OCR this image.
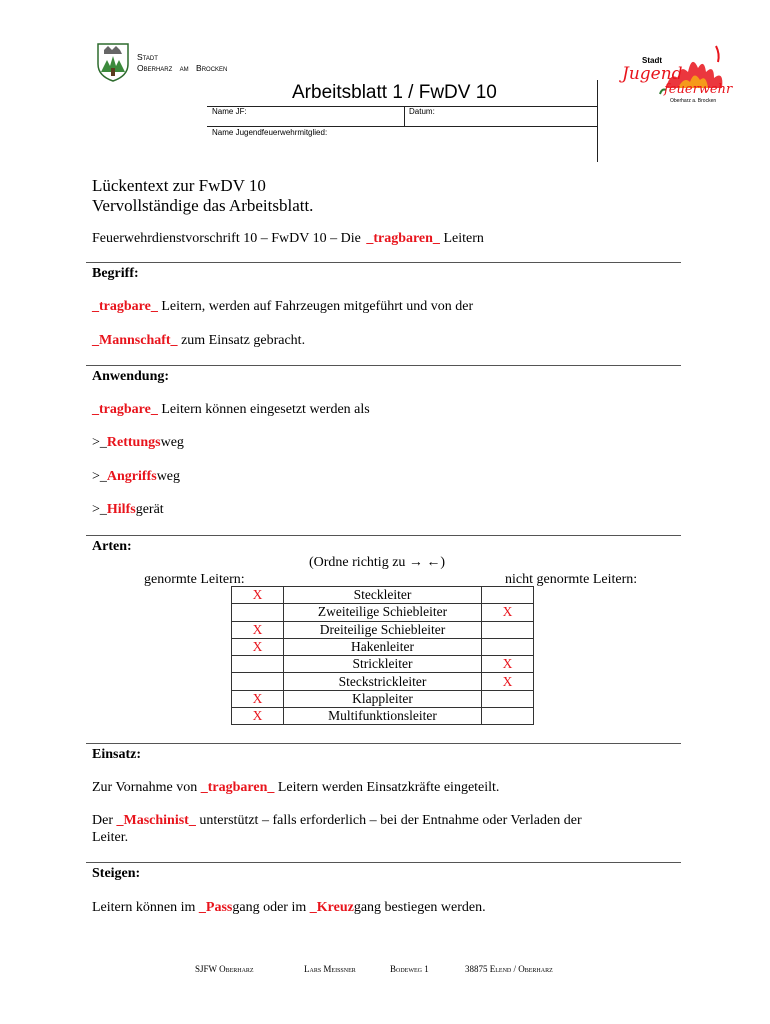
Stadt
Oberharz am Brocken
Arbeitsblatt 1 / FwDV 10
Name JF:	Datum:
Name Jugendfeuerwehrmitglied:
Stadt
Jugend
feuerwehr
Oberharz a. Brocken
Lückentext zur FwDV 10
Vervollständige das Arbeitsblatt.
Feuerwehrdienstvorschrift 10 – FwDV 10 – Die _tragbaren_ Leitern
Begriff:
_tragbare_ Leitern, werden auf Fahrzeugen mitgeführt und von der
_Mannschaft_ zum Einsatz gebracht.
Anwendung:
_tragbare_ Leitern können eingesetzt werden als
>_Rettungsweg
>_Angriffsweg
>_Hilfsgerät
Arten:
(Ordne richtig zu → ←)
genormte Leitern:	nicht genormte Leitern:
X	Steckleiter	
	Zweiteilige Schiebleiter	X
X	Dreiteilige Schiebleiter	
X	Hakenleiter	
	Strickleiter	X
	Steckstrickleiter	X
X	Klappleiter	
X	Multifunktionsleiter	
Einsatz:
Zur Vornahme von _tragbaren_ Leitern werden Einsatzkräfte eingeteilt.
Der _Maschinist_ unterstützt – falls erforderlich – bei der Entnahme oder Verladen der
Leiter.
Steigen:
Leitern können im _Passgang oder im _Kreuzgang bestiegen werden.
SJFW Oberharz	Lars Meißner	Bodeweg 1	38875 Elend / Oberharz
